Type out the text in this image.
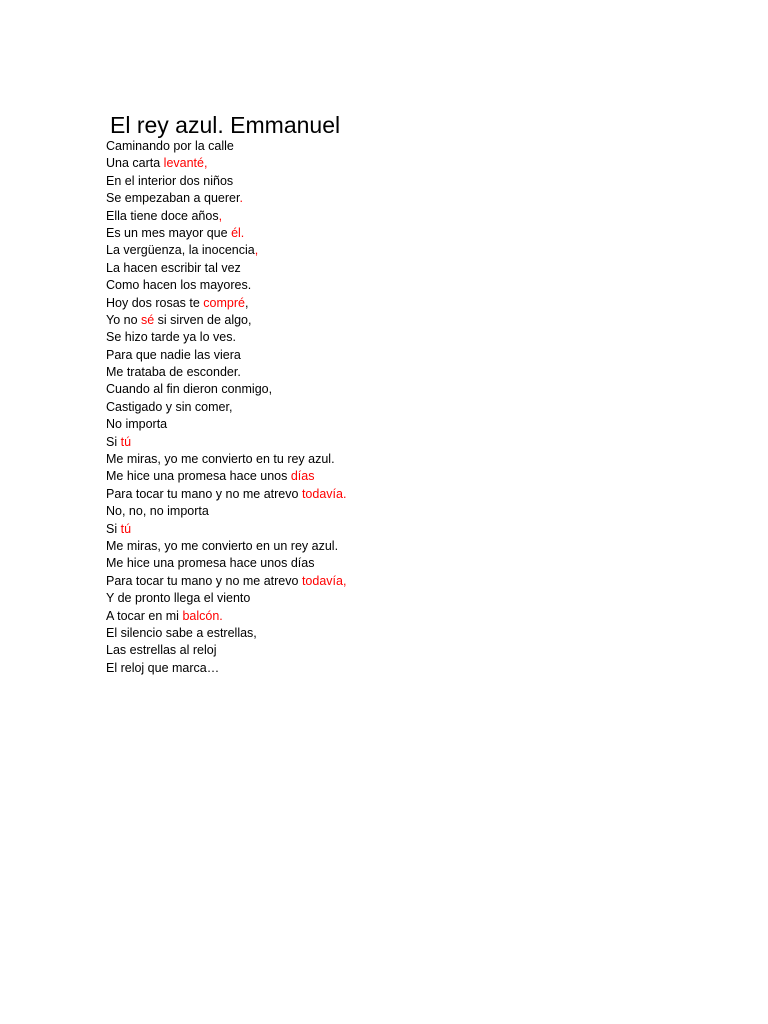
El rey azul. Emmanuel
Caminando por la calle
Una carta levanté,
En el interior dos niños
Se empezaban a querer.
Ella tiene doce años,
Es un mes mayor que él.
La vergüenza, la inocencia,
La hacen escribir tal vez
Como hacen los mayores.
Hoy dos rosas te compré,
Yo no sé si sirven de algo,
Se hizo tarde ya lo ves.
Para que nadie las viera
Me trataba de esconder.
Cuando al fin dieron conmigo,
Castigado y sin comer,
No importa
Si tú
Me miras, yo me convierto en tu rey azul.
Me hice una promesa hace unos días
Para tocar tu mano y no me atrevo todavía.
No, no, no importa
Si tú
Me miras, yo me convierto en un rey azul.
Me hice una promesa hace unos días
Para tocar tu mano y no me atrevo todavía,
Y de pronto llega el viento
A tocar en mi balcón.
El silencio sabe a estrellas,
Las estrellas al reloj
El reloj que marca…
